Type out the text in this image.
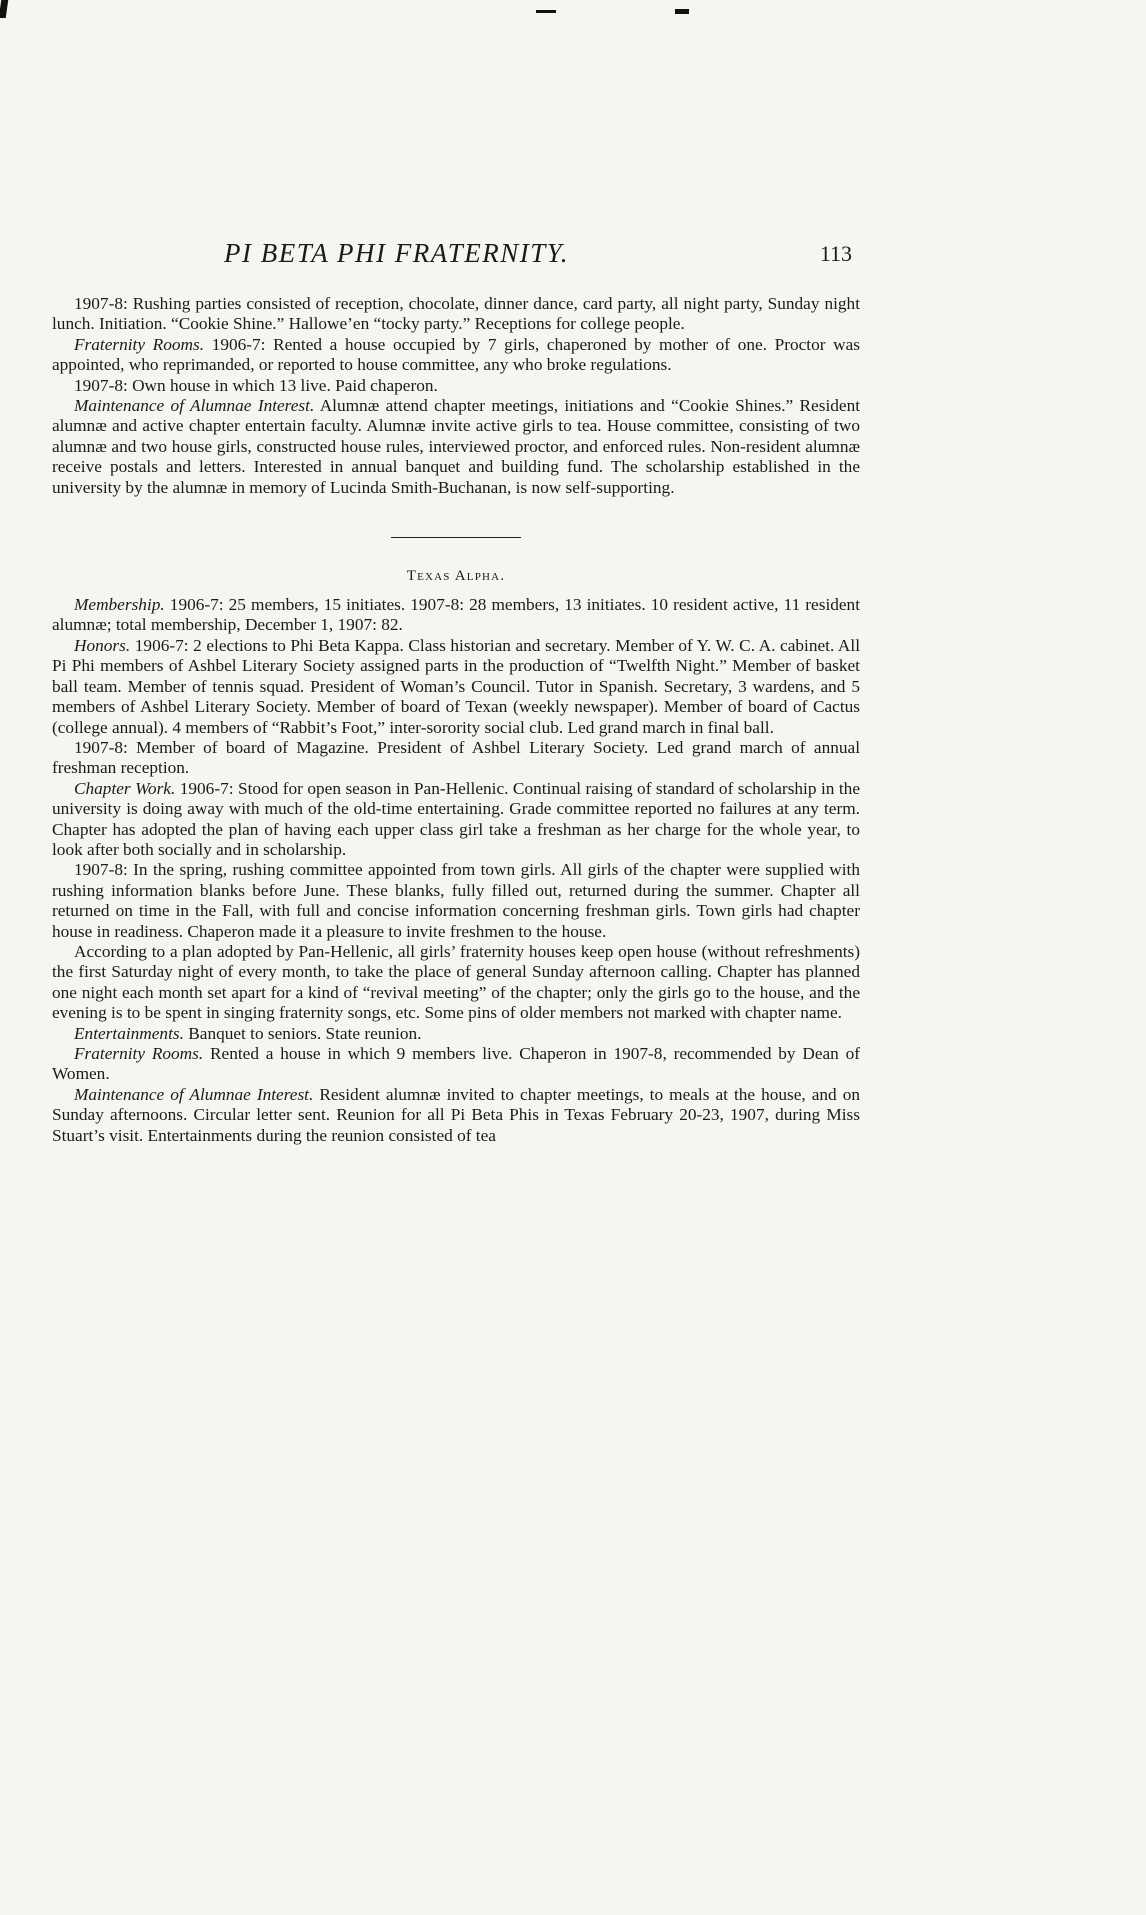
PI BETA PHI FRATERNITY.	113

1907-8: Rushing parties consisted of reception, chocolate, dinner dance, card party, all night party, Sunday night lunch. Initiation. “Cookie Shine.” Hallowe’en “tocky party.” Receptions for college people.

Fraternity Rooms. 1906-7: Rented a house occupied by 7 girls, chaperoned by mother of one. Proctor was appointed, who reprimanded, or reported to house committee, any who broke regulations.

1907-8: Own house in which 13 live. Paid chaperon.

Maintenance of Alumnae Interest. Alumnæ attend chapter meetings, initiations and “Cookie Shines.” Resident alumnæ and active chapter entertain faculty. Alumnæ invite active girls to tea. House committee, consisting of two alumnæ and two house girls, constructed house rules, interviewed proctor, and enforced rules. Non-resident alumnæ receive postals and letters. Interested in annual banquet and building fund. The scholarship established in the university by the alumnæ in memory of Lucinda Smith-Buchanan, is now self-supporting.

Texas Alpha.

Membership. 1906-7: 25 members, 15 initiates. 1907-8: 28 members, 13 initiates. 10 resident active, 11 resident alumnæ; total membership, December 1, 1907: 82.

Honors. 1906-7: 2 elections to Phi Beta Kappa. Class historian and secretary. Member of Y. W. C. A. cabinet. All Pi Phi members of Ashbel Literary Society assigned parts in the production of “Twelfth Night.” Member of basket ball team. Member of tennis squad. President of Woman’s Council. Tutor in Spanish. Secretary, 3 wardens, and 5 members of Ashbel Literary Society. Member of board of Texan (weekly newspaper). Member of board of Cactus (college annual). 4 members of “Rabbit’s Foot,” inter-sorority social club. Led grand march in final ball.

1907-8: Member of board of Magazine. President of Ashbel Literary Society. Led grand march of annual freshman reception.

Chapter Work. 1906-7: Stood for open season in Pan-Hellenic. Continual raising of standard of scholarship in the university is doing away with much of the old-time entertaining. Grade committee reported no failures at any term. Chapter has adopted the plan of having each upper class girl take a freshman as her charge for the whole year, to look after both socially and in scholarship.

1907-8: In the spring, rushing committee appointed from town girls. All girls of the chapter were supplied with rushing information blanks before June. These blanks, fully filled out, returned during the summer. Chapter all returned on time in the Fall, with full and concise information concerning freshman girls. Town girls had chapter house in readiness. Chaperon made it a pleasure to invite freshmen to the house.

According to a plan adopted by Pan-Hellenic, all girls’ fraternity houses keep open house (without refreshments) the first Saturday night of every month, to take the place of general Sunday afternoon calling. Chapter has planned one night each month set apart for a kind of “revival meeting” of the chapter; only the girls go to the house, and the evening is to be spent in singing fraternity songs, etc. Some pins of older members not marked with chapter name.

Entertainments. Banquet to seniors. State reunion.

Fraternity Rooms. Rented a house in which 9 members live. Chaperon in 1907-8, recommended by Dean of Women.

Maintenance of Alumnae Interest. Resident alumnæ invited to chapter meetings, to meals at the house, and on Sunday afternoons. Circular letter sent. Reunion for all Pi Beta Phis in Texas February 20-23, 1907, during Miss Stuart’s visit. Entertainments during the reunion consisted of tea
